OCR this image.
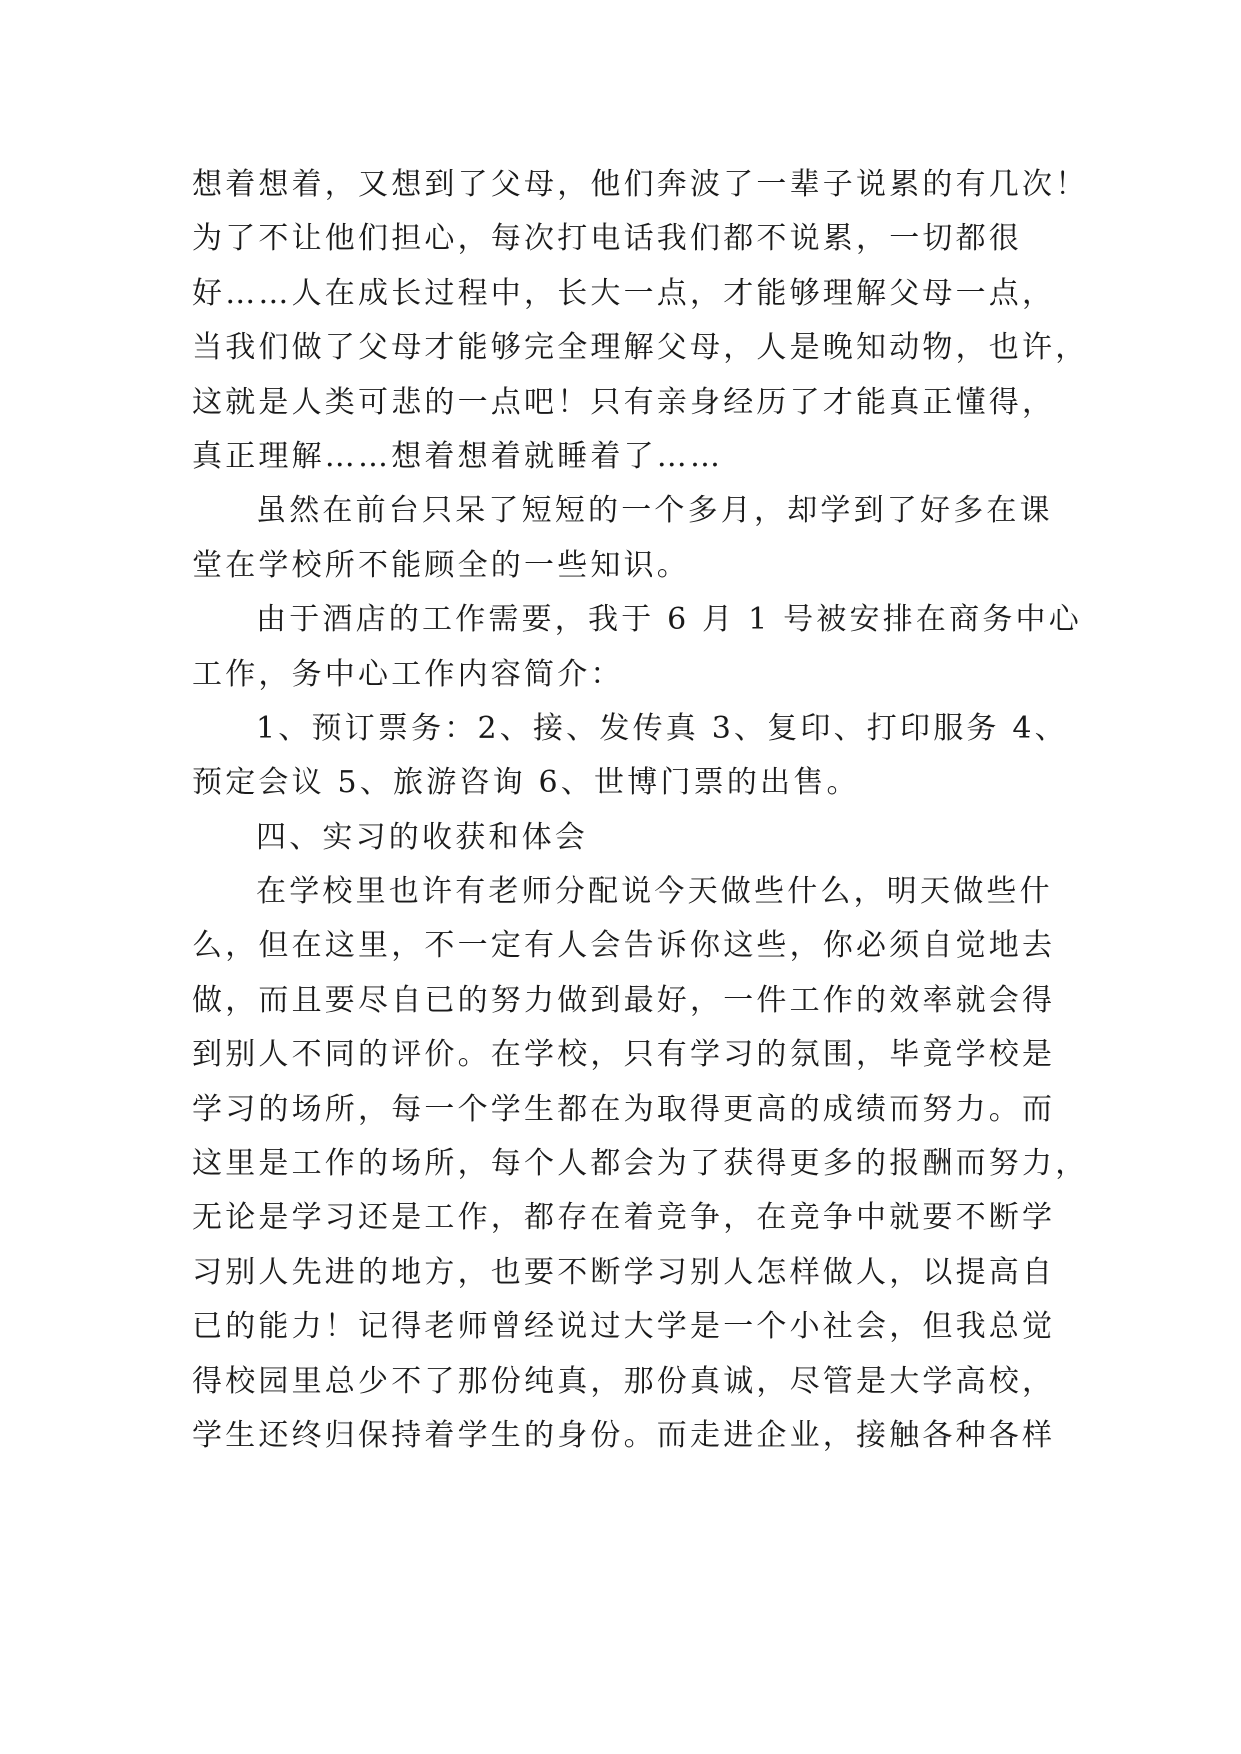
想着想着，又想到了父母，他们奔波了一辈子说累的有几次！
为了不让他们担心，每次打电话我们都不说累，一切都很
好……人在成长过程中，长大一点，才能够理解父母一点，
当我们做了父母才能够完全理解父母，人是晚知动物，也许，
这就是人类可悲的一点吧！只有亲身经历了才能真正懂得，
真正理解……想着想着就睡着了……
虽然在前台只呆了短短的一个多月，却学到了好多在课
堂在学校所不能顾全的一些知识。
由于酒店的工作需要，我于 6 月 1 号被安排在商务中心
工作，务中心工作内容简介：
1、预订票务：2、接、发传真 3、复印、打印服务 4、
预定会议 5、旅游咨询 6、世博门票的出售。
四、实习的收获和体会
在学校里也许有老师分配说今天做些什么，明天做些什
么，但在这里，不一定有人会告诉你这些，你必须自觉地去
做，而且要尽自已的努力做到最好，一件工作的效率就会得
到别人不同的评价。在学校，只有学习的氛围，毕竟学校是
学习的场所，每一个学生都在为取得更高的成绩而努力。而
这里是工作的场所，每个人都会为了获得更多的报酬而努力，
无论是学习还是工作，都存在着竞争，在竞争中就要不断学
习别人先进的地方，也要不断学习别人怎样做人，以提高自
已的能力！记得老师曾经说过大学是一个小社会，但我总觉
得校园里总少不了那份纯真，那份真诚，尽管是大学高校，
学生还终归保持着学生的身份。而走进企业，接触各种各样
